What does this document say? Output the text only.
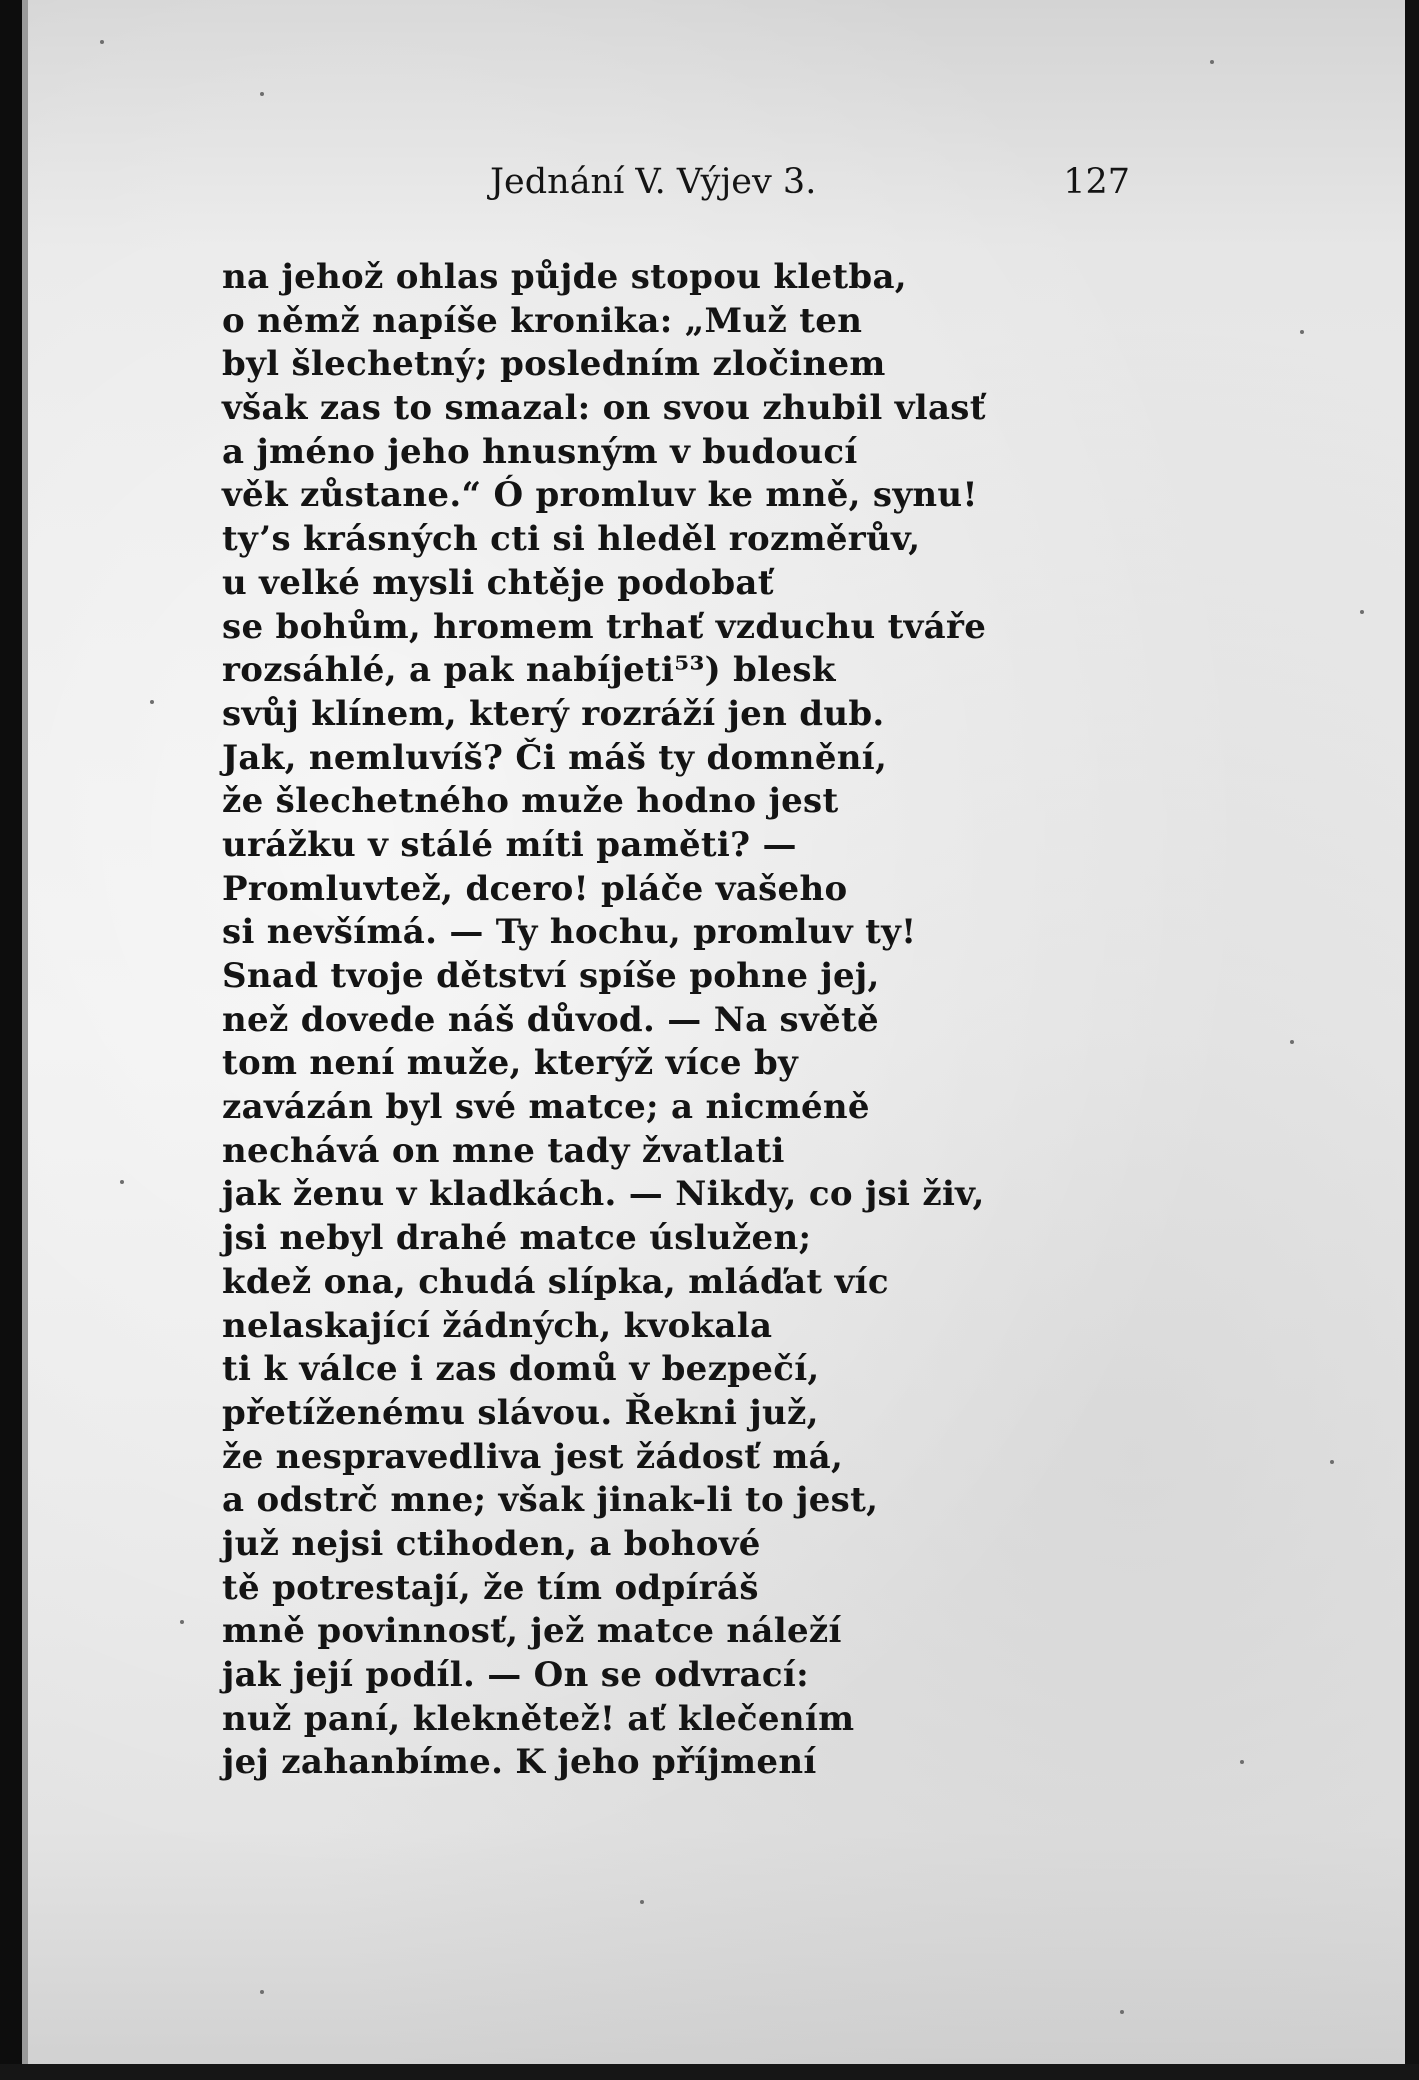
Jednání V. Výjev 3.	127
na jehož ohlas půjde stopou kletba,
o němž napíše kronika: „Muž ten
byl šlechetný; posledním zločinem
však zas to smazal: on svou zhubil vlasť
a jméno jeho hnusným v budoucí
věk zůstane.“ Ó promluv ke mně, synu!
ty’s krásných cti si hleděl rozměrův,
u velké mysli chtěje podobať
se bohům, hromem trhať vzduchu tváře
rozsáhlé, a pak nabíjeti⁵³) blesk
svůj klínem, který rozráží jen dub.
Jak, nemluvíš? Či máš ty domnění,
že šlechetného muže hodno jest
urážku v stálé míti paměti? —
Promluvtež, dcero! pláče vašeho
si nevšímá. — Ty hochu, promluv ty!
Snad tvoje dětství spíše pohne jej,
než dovede náš důvod. — Na světě
tom není muže, kterýž více by
zavázán byl své matce; a nicméně
nechává on mne tady žvatlati
jak ženu v kladkách. — Nikdy, co jsi živ,
jsi nebyl drahé matce úslužen;
kdež ona, chudá slípka, mláďat víc
nelaskající žádných, kvokala
ti k válce i zas domů v bezpečí,
přetíženému slávou. Řekni juž,
že nespravedliva jest žádosť má,
a odstrč mne; však jinak-li to jest,
juž nejsi ctihoden, a bohové
tě potrestají, že tím odpíráš
mně povinnosť, jež matce náleží
jak její podíl. — On se odvrací:
nuž paní, kleknětež! ať klečením
jej zahanbíme. K jeho příjmení
